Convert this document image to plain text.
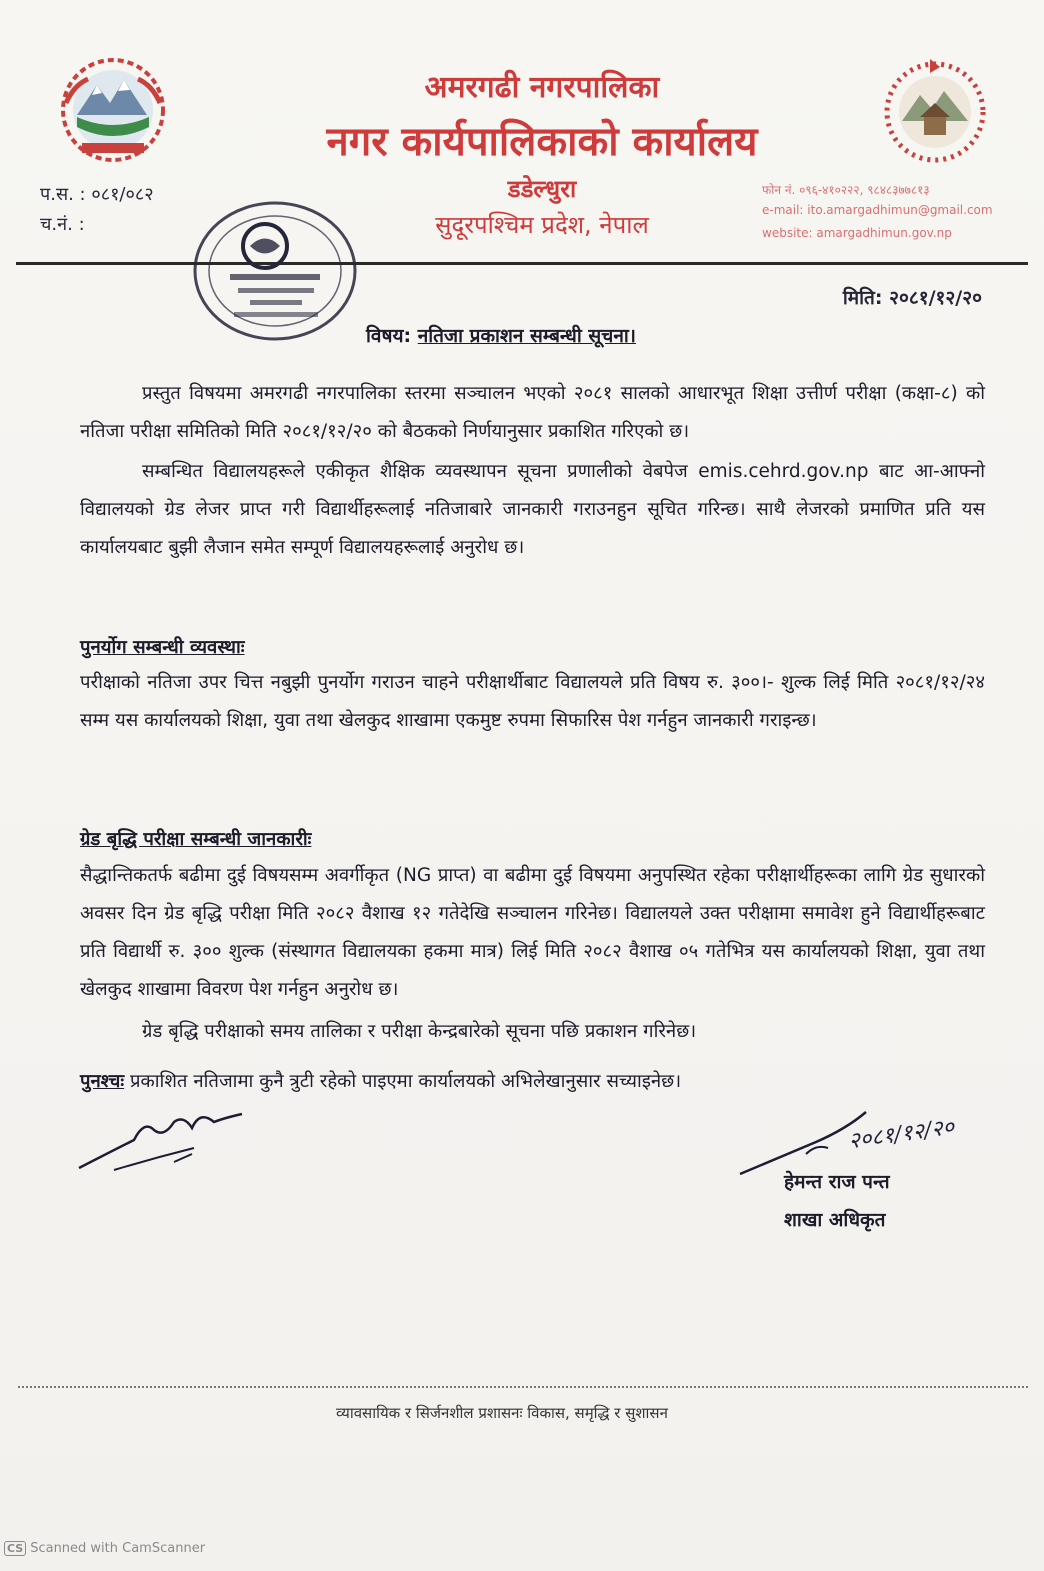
अमरगढी नगरपालिका
नगर कार्यपालिकाको कार्यालय
डडेल्धुरा
सुदूरपश्चिम प्रदेश, नेपाल
प.स. : ०८१/०८२
च.नं. :
फोन नं. ०९६-४१०२२२, ९८४८३७७८१३
e-mail: ito.amargadhimun@gmail.com
website: amargadhimun.gov.np
मिति: २०८१/१२/२०
विषय: नतिजा प्रकाशन सम्बन्धी सूचना।
प्रस्तुत विषयमा अमरगढी नगरपालिका स्तरमा सञ्चालन भएको २०८१ सालको आधारभूत शिक्षा उत्तीर्ण परीक्षा (कक्षा-८) को नतिजा परीक्षा समितिको मिति २०८१/१२/२० को बैठकको निर्णयानुसार प्रकाशित गरिएको छ।
सम्बन्धित विद्यालयहरूले एकीकृत शैक्षिक व्यवस्थापन सूचना प्रणालीको वेबपेज emis.cehrd.gov.np बाट आ-आफ्नो विद्यालयको ग्रेड लेजर प्राप्त गरी विद्यार्थीहरूलाई नतिजाबारे जानकारी गराउनहुन सूचित गरिन्छ। साथै लेजरको प्रमाणित प्रति यस कार्यालयबाट बुझी लैजान समेत सम्पूर्ण विद्यालयहरूलाई अनुरोध छ।
पुनर्योग सम्बन्धी व्यवस्थाः
परीक्षाको नतिजा उपर चित्त नबुझी पुनर्योग गराउन चाहने परीक्षार्थीबाट विद्यालयले प्रति विषय रु. ३००।- शुल्क लिई मिति २०८१/१२/२४ सम्म यस कार्यालयको शिक्षा, युवा तथा खेलकुद शाखामा एकमुष्ट रुपमा सिफारिस पेश गर्नहुन जानकारी गराइन्छ।
ग्रेड बृद्धि परीक्षा सम्बन्धी जानकारीः
सैद्धान्तिकतर्फ बढीमा दुई विषयसम्म अवर्गीकृत (NG प्राप्त) वा बढीमा दुई विषयमा अनुपस्थित रहेका परीक्षार्थीहरूका लागि ग्रेड सुधारको अवसर दिन ग्रेड बृद्धि परीक्षा मिति २०८२ वैशाख १२ गतेदेखि सञ्चालन गरिनेछ। विद्यालयले उक्त परीक्षामा समावेश हुने विद्यार्थीहरूबाट प्रति विद्यार्थी रु. ३०० शुल्क (संस्थागत विद्यालयका हकमा मात्र) लिई मिति २०८२ वैशाख ०५ गतेभित्र यस कार्यालयको शिक्षा, युवा तथा खेलकुद शाखामा विवरण पेश गर्नहुन अनुरोध छ।
ग्रेड बृद्धि परीक्षाको समय तालिका र परीक्षा केन्द्रबारेको सूचना पछि प्रकाशन गरिनेछ।
पुनश्चः प्रकाशित नतिजामा कुनै त्रुटी रहेको पाइएमा कार्यालयको अभिलेखानुसार सच्याइनेछ।
२०८१/१२/२०
हेमन्त राज पन्त
शाखा अधिकृत
व्यावसायिक र सिर्जनशील प्रशासनः विकास, समृद्धि र सुशासन
CS Scanned with CamScanner
